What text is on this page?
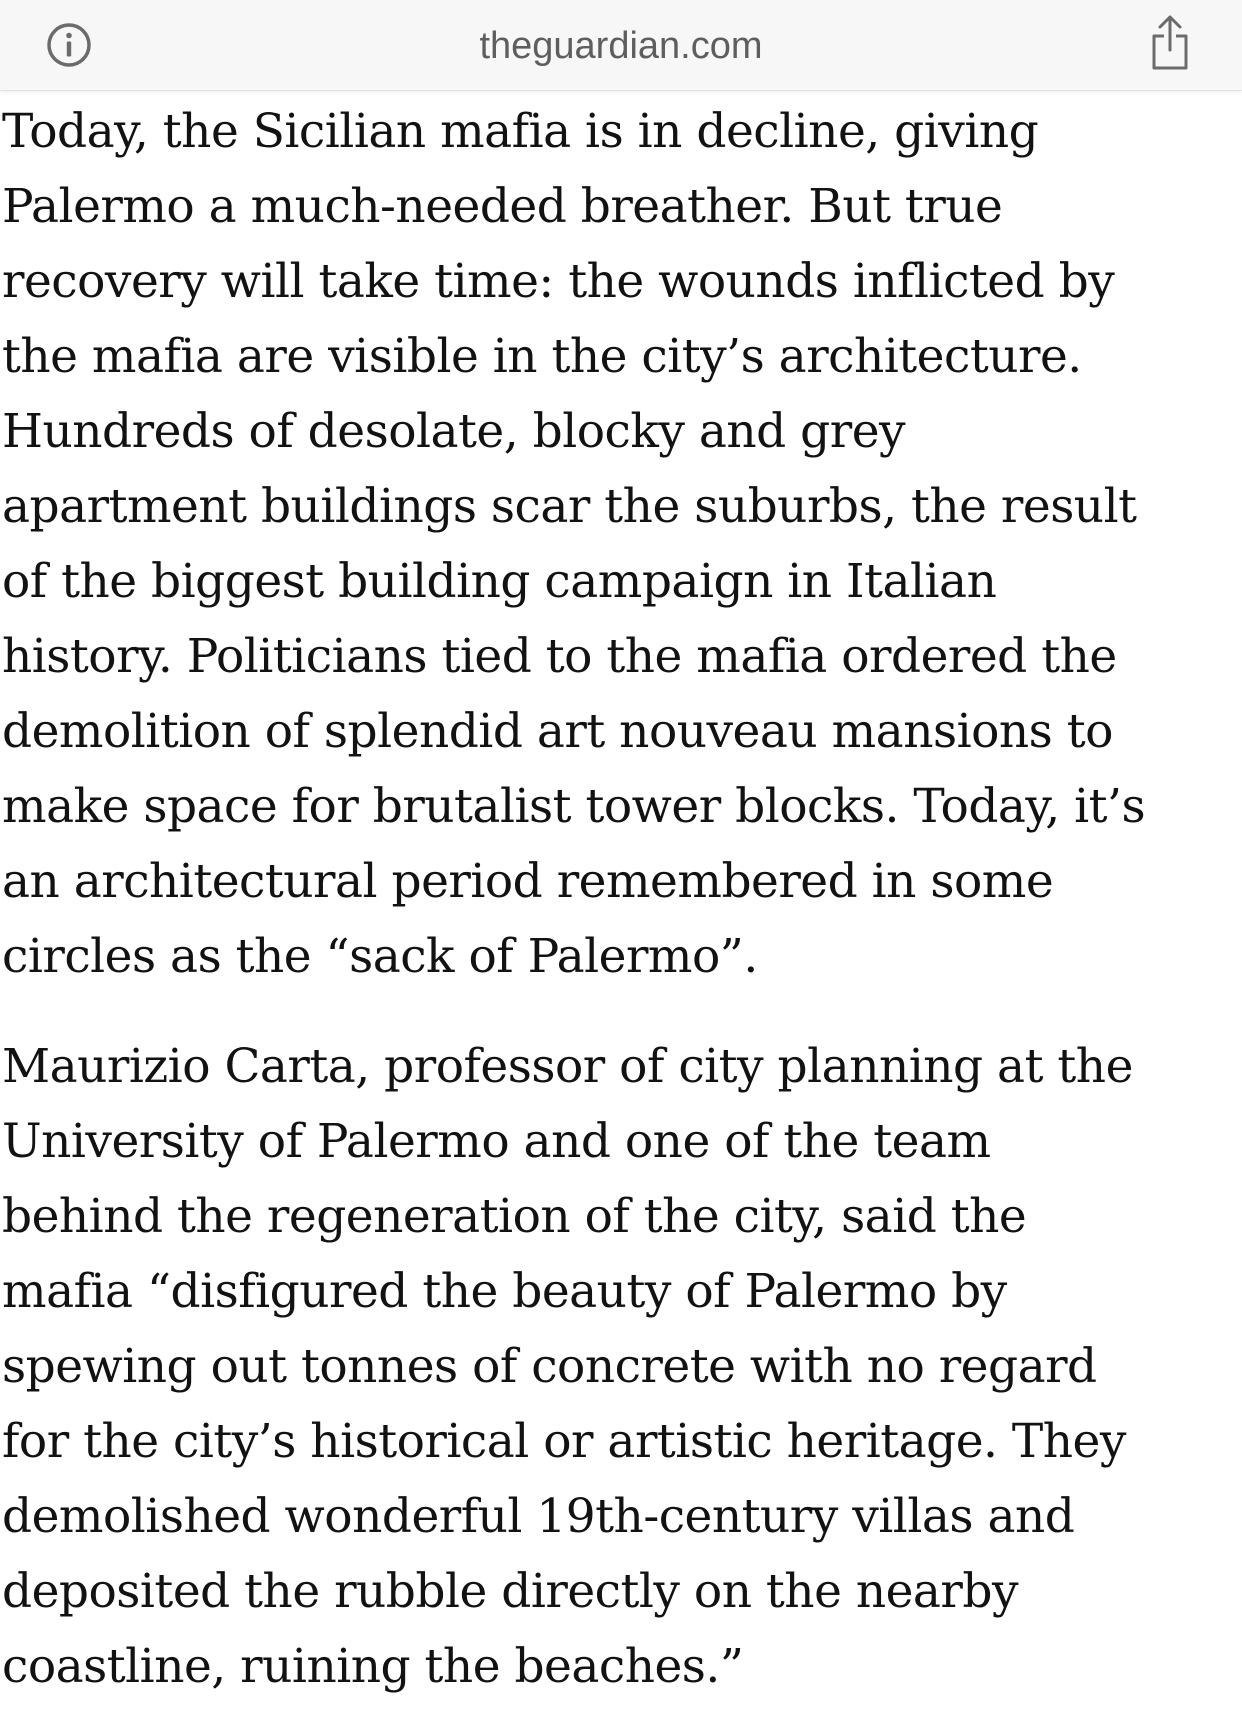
theguardian.com

Today, the Sicilian mafia is in decline, giving
Palermo a much-needed breather. But true
recovery will take time: the wounds inflicted by
the mafia are visible in the city’s architecture.
Hundreds of desolate, blocky and grey
apartment buildings scar the suburbs, the result
of the biggest building campaign in Italian
history. Politicians tied to the mafia ordered the
demolition of splendid art nouveau mansions to
make space for brutalist tower blocks. Today, it’s
an architectural period remembered in some
circles as the “sack of Palermo”.

Maurizio Carta, professor of city planning at the
University of Palermo and one of the team
behind the regeneration of the city, said the
mafia “disfigured the beauty of Palermo by
spewing out tonnes of concrete with no regard
for the city’s historical or artistic heritage. They
demolished wonderful 19th-century villas and
deposited the rubble directly on the nearby
coastline, ruining the beaches.”
